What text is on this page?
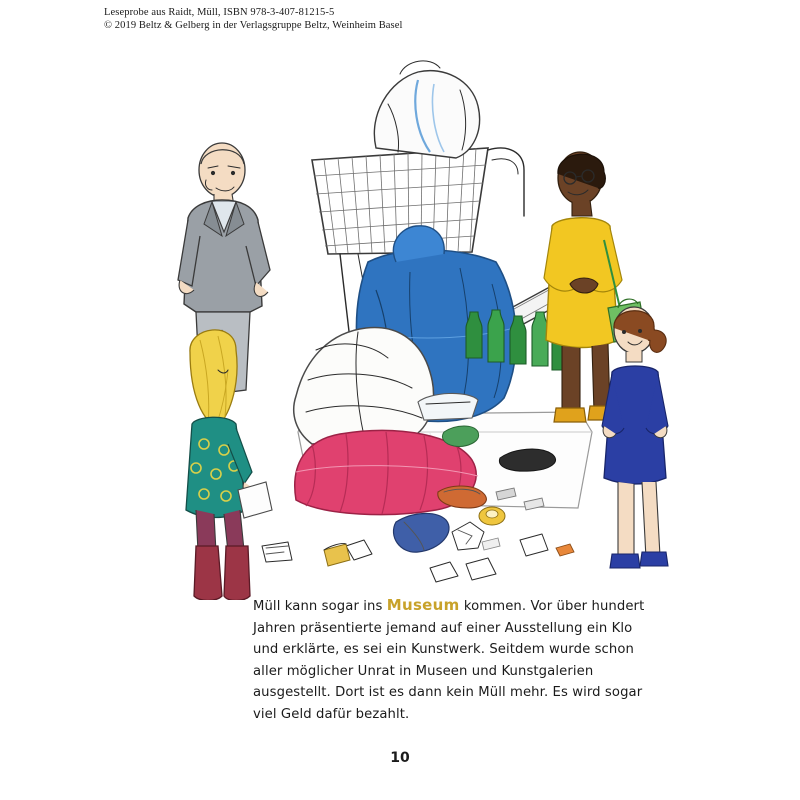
Leseprobe aus Raidt, Müll, ISBN 978-3-407-81215-5
© 2019 Beltz & Gelberg in der Verlagsgruppe Beltz, Weinheim Basel
Müll kann sogar ins Museum kommen. Vor über hundert Jahren präsentierte jemand auf einer Ausstellung ein Klo und erklärte, es sei ein Kunstwerk. Seitdem wurde schon aller möglicher Unrat in Museen und Kunstgalerien ausgestellt. Dort ist es dann kein Müll mehr. Es wird sogar viel Geld dafür bezahlt.
10
